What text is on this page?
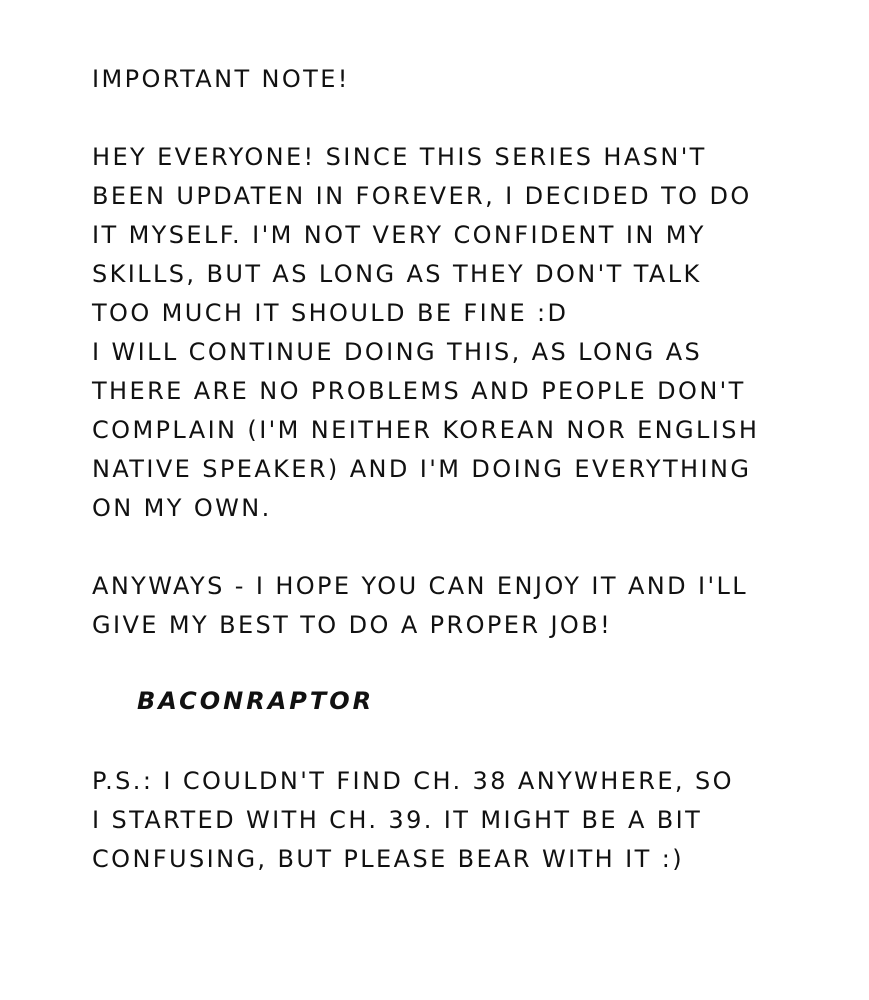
IMPORTANT NOTE!

HEY EVERYONE! SINCE THIS SERIES HASN'T

BEEN UPDATEN IN FOREVER, I DECIDED TO DO

IT MYSELF. I'M NOT VERY CONFIDENT IN MY

SKILLS, BUT AS LONG AS THEY DON'T TALK

TOO MUCH IT SHOULD BE FINE :D

I WILL CONTINUE DOING THIS, AS LONG AS

THERE ARE NO PROBLEMS AND PEOPLE DON'T

COMPLAIN (I'M NEITHER KOREAN NOR ENGLISH

NATIVE SPEAKER) AND I'M DOING EVERYTHING

ON MY OWN.

ANYWAYS - I HOPE YOU CAN ENJOY IT AND I'LL

GIVE MY BEST TO DO A PROPER JOB!

BACONRAPTOR

P.S.: I COULDN'T FIND CH. 38 ANYWHERE, SO

I STARTED WITH CH. 39. IT MIGHT BE A BIT

CONFUSING, BUT PLEASE BEAR WITH IT :)
